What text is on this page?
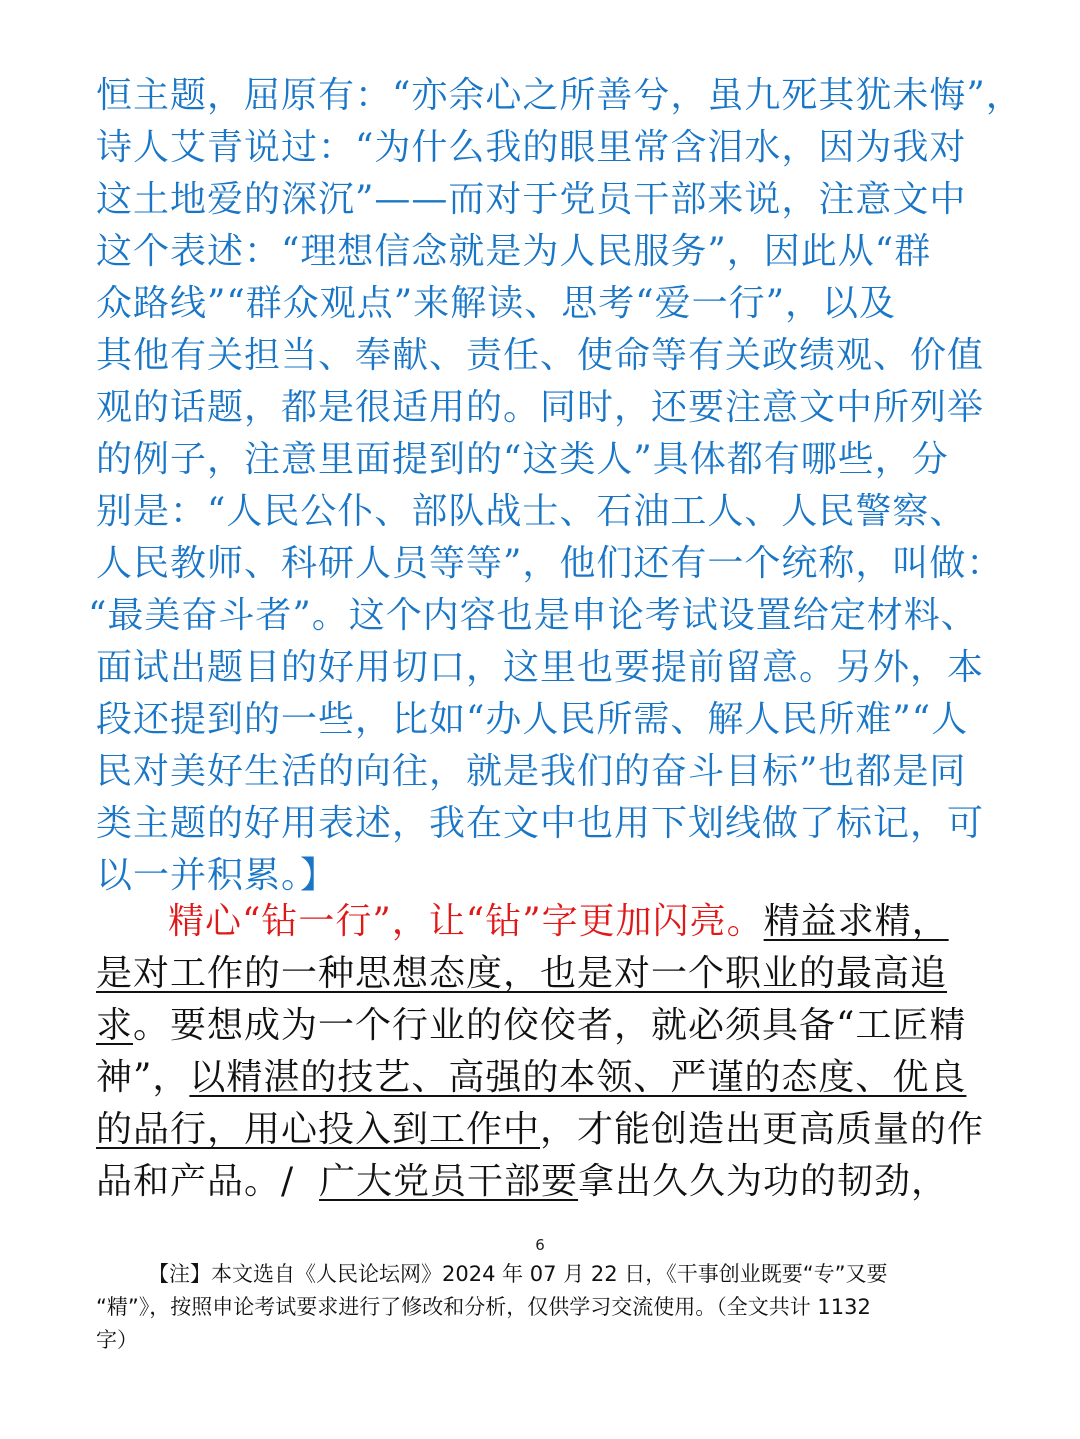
恒主题，屈原有：“亦余心之所善兮，虽九死其犹未悔”，
诗人艾青说过：“为什么我的眼里常含泪水，因为我对
这土地爱的深沉”——而对于党员干部来说，注意文中
这个表述：“理想信念就是为人民服务”，因此从“群
众路线”“群众观点”来解读、思考“爱一行”，以及
其他有关担当、奉献、责任、使命等有关政绩观、价值
观的话题，都是很适用的。同时，还要注意文中所列举
的例子，注意里面提到的“这类人”具体都有哪些，分
别是：“人民公仆、部队战士、石油工人、人民警察、
人民教师、科研人员等等”，他们还有一个统称，叫做：
“最美奋斗者”。这个内容也是申论考试设置给定材料、
面试出题目的好用切口，这里也要提前留意。另外，本
段还提到的一些，比如“办人民所需、解人民所难”“人
民对美好生活的向往，就是我们的奋斗目标”也都是同
类主题的好用表述，我在文中也用下划线做了标记，可
以一并积累。】
精心“钻一行”，让“钻”字更加闪亮。精益求精，
是对工作的一种思想态度，也是对一个职业的最高追
求。要想成为一个行业的佼佼者，就必须具备“工匠精
神”，以精湛的技艺、高强的本领、严谨的态度、优良
的品行，用心投入到工作中，才能创造出更高质量的作
品和产品。/  广大党员干部要拿出久久为功的韧劲，
6
【注】本文选自《人民论坛网》2024 年 07 月 22 日，《干事创业既要“专”又要
“精”》，按照申论考试要求进行了修改和分析，仅供学习交流使用。（全文共计 1132
字）
